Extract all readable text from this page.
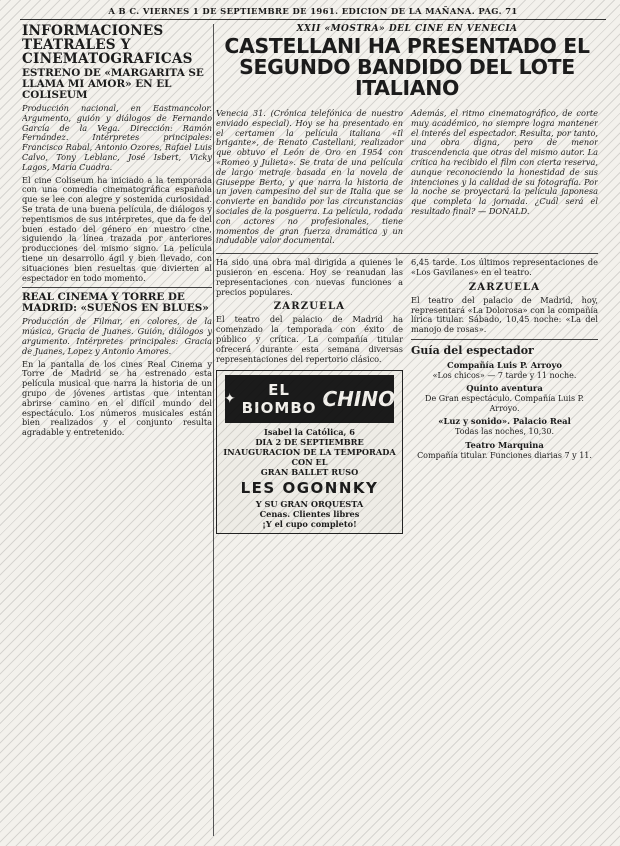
A B C. VIERNES 1 DE SEPTIEMBRE DE 1961. EDICION DE LA MAÑANA. PAG. 71
INFORMACIONES TEATRALES Y CINEMATOGRAFICAS
ESTRENO DE «MARGARITA SE LLAMA MI AMOR» EN EL COLISEUM
Producción nacional, en Eastmancolor. Argumento, guión y diálogos de Fernando García de la Vega. Dirección: Ramón Fernández. Intérpretes principales: Francisco Rabal, Antonio Ozores, Rafael Luis Calvo, Tony Leblanc, José Isbert, Vicky Lagos, María Cuadra.
El cine Coliseum ha iniciado a la temporada con una comedia cinematográfica española que se lee con alegre y sostenida curiosidad. Se trata de una buena película, de diálogos y repentismos de sus intérpretes, que da fe del buen estado del género en nuestro cine, siguiendo la línea trazada por anteriores producciones del mismo signo. La película tiene un desarrollo ágil y bien llevado, con situaciones bien resueltas que divierten al espectador en todo momento.
REAL CINEMA Y TORRE DE MADRID: «SUEÑOS EN BLUES»
Producción de Filmar, en colores, de la música, Gracia de Juanes. Guión, diálogos y argumento. Intérpretes principales: Gracia de Juanes, Lopez y Antonio Amores.
En la pantalla de los cines Real Cinema y Torre de Madrid se ha estrenado esta película musical que narra la historia de un grupo de jóvenes artistas que intentan abrirse camino en el difícil mundo del espectáculo. Los números musicales están bien realizados y el conjunto resulta agradable y entretenido.
XXII «MOSTRA» DEL CINE EN VENECIA
CASTELLANI HA PRESENTADO EL SEGUNDO BANDIDO DEL LOTE ITALIANO
Venecia 31. (Crónica telefónica de nuestro enviado especial). Hoy se ha presentado en el certamen la película italiana «Il brigante», de Renato Castellani, realizador que obtuvo el León de Oro en 1954 con «Romeo y Julieta». Se trata de una película de largo metraje basada en la novela de Giuseppe Berto, y que narra la historia de un joven campesino del sur de Italia que se convierte en bandido por las circunstancias sociales de la posguerra. La película, rodada con actores no profesionales, tiene momentos de gran fuerza dramática y un indudable valor documental.
Además, el ritmo cinematográfico, de corte muy académico, no siempre logra mantener el interés del espectador. Resulta, por tanto, una obra digna, pero de menor trascendencia que otras del mismo autor. La crítica ha recibido el film con cierta reserva, aunque reconociendo la honestidad de sus intenciones y la calidad de su fotografía. Por la noche se proyectará la película japonesa que completa la jornada. ¿Cuál será el resultado final? — DONALD.
Ha sido una obra mal dirigida a quienes le pusieron en escena. Hoy se reanudan las representaciones con nuevas funciones a precios populares.
ZARZUELA
El teatro del palacio de Madrid ha comenzado la temporada con éxito de público y crítica. La compañía titular ofrecerá durante esta semana diversas representaciones del repertorio clásico.
✦	EL BIOMBO CHINO
Isabel la Católica, 6
DIA 2 DE SEPTIEMBRE
INAUGURACION DE LA TEMPORADA
CON EL
GRAN BALLET RUSO
LES OGONNKY
Y SU GRAN ORQUESTA
Cenas. Clientes libres
¡Y el cupo completo!
6,45 tarde. Los últimos representaciones de «Los Gavilanes» en el teatro.
ZARZUELA
El teatro del palacio de Madrid, hoy, representará «La Dolorosa» con la compañía lírica titular. Sábado, 10,45 noche: «La del manojo de rosas».
Guía del espectador
Compañía Luis P. Arroyo
«Los chicos» — 7 tarde y 11 noche.
Quinto aventura
De Gran espectáculo. Compañía Luis P. Arroyo.
«Luz y sonido». Palacio Real
Todas las noches, 10,30.
Teatro Marquina
Compañía titular. Funciones diarias 7 y 11.
